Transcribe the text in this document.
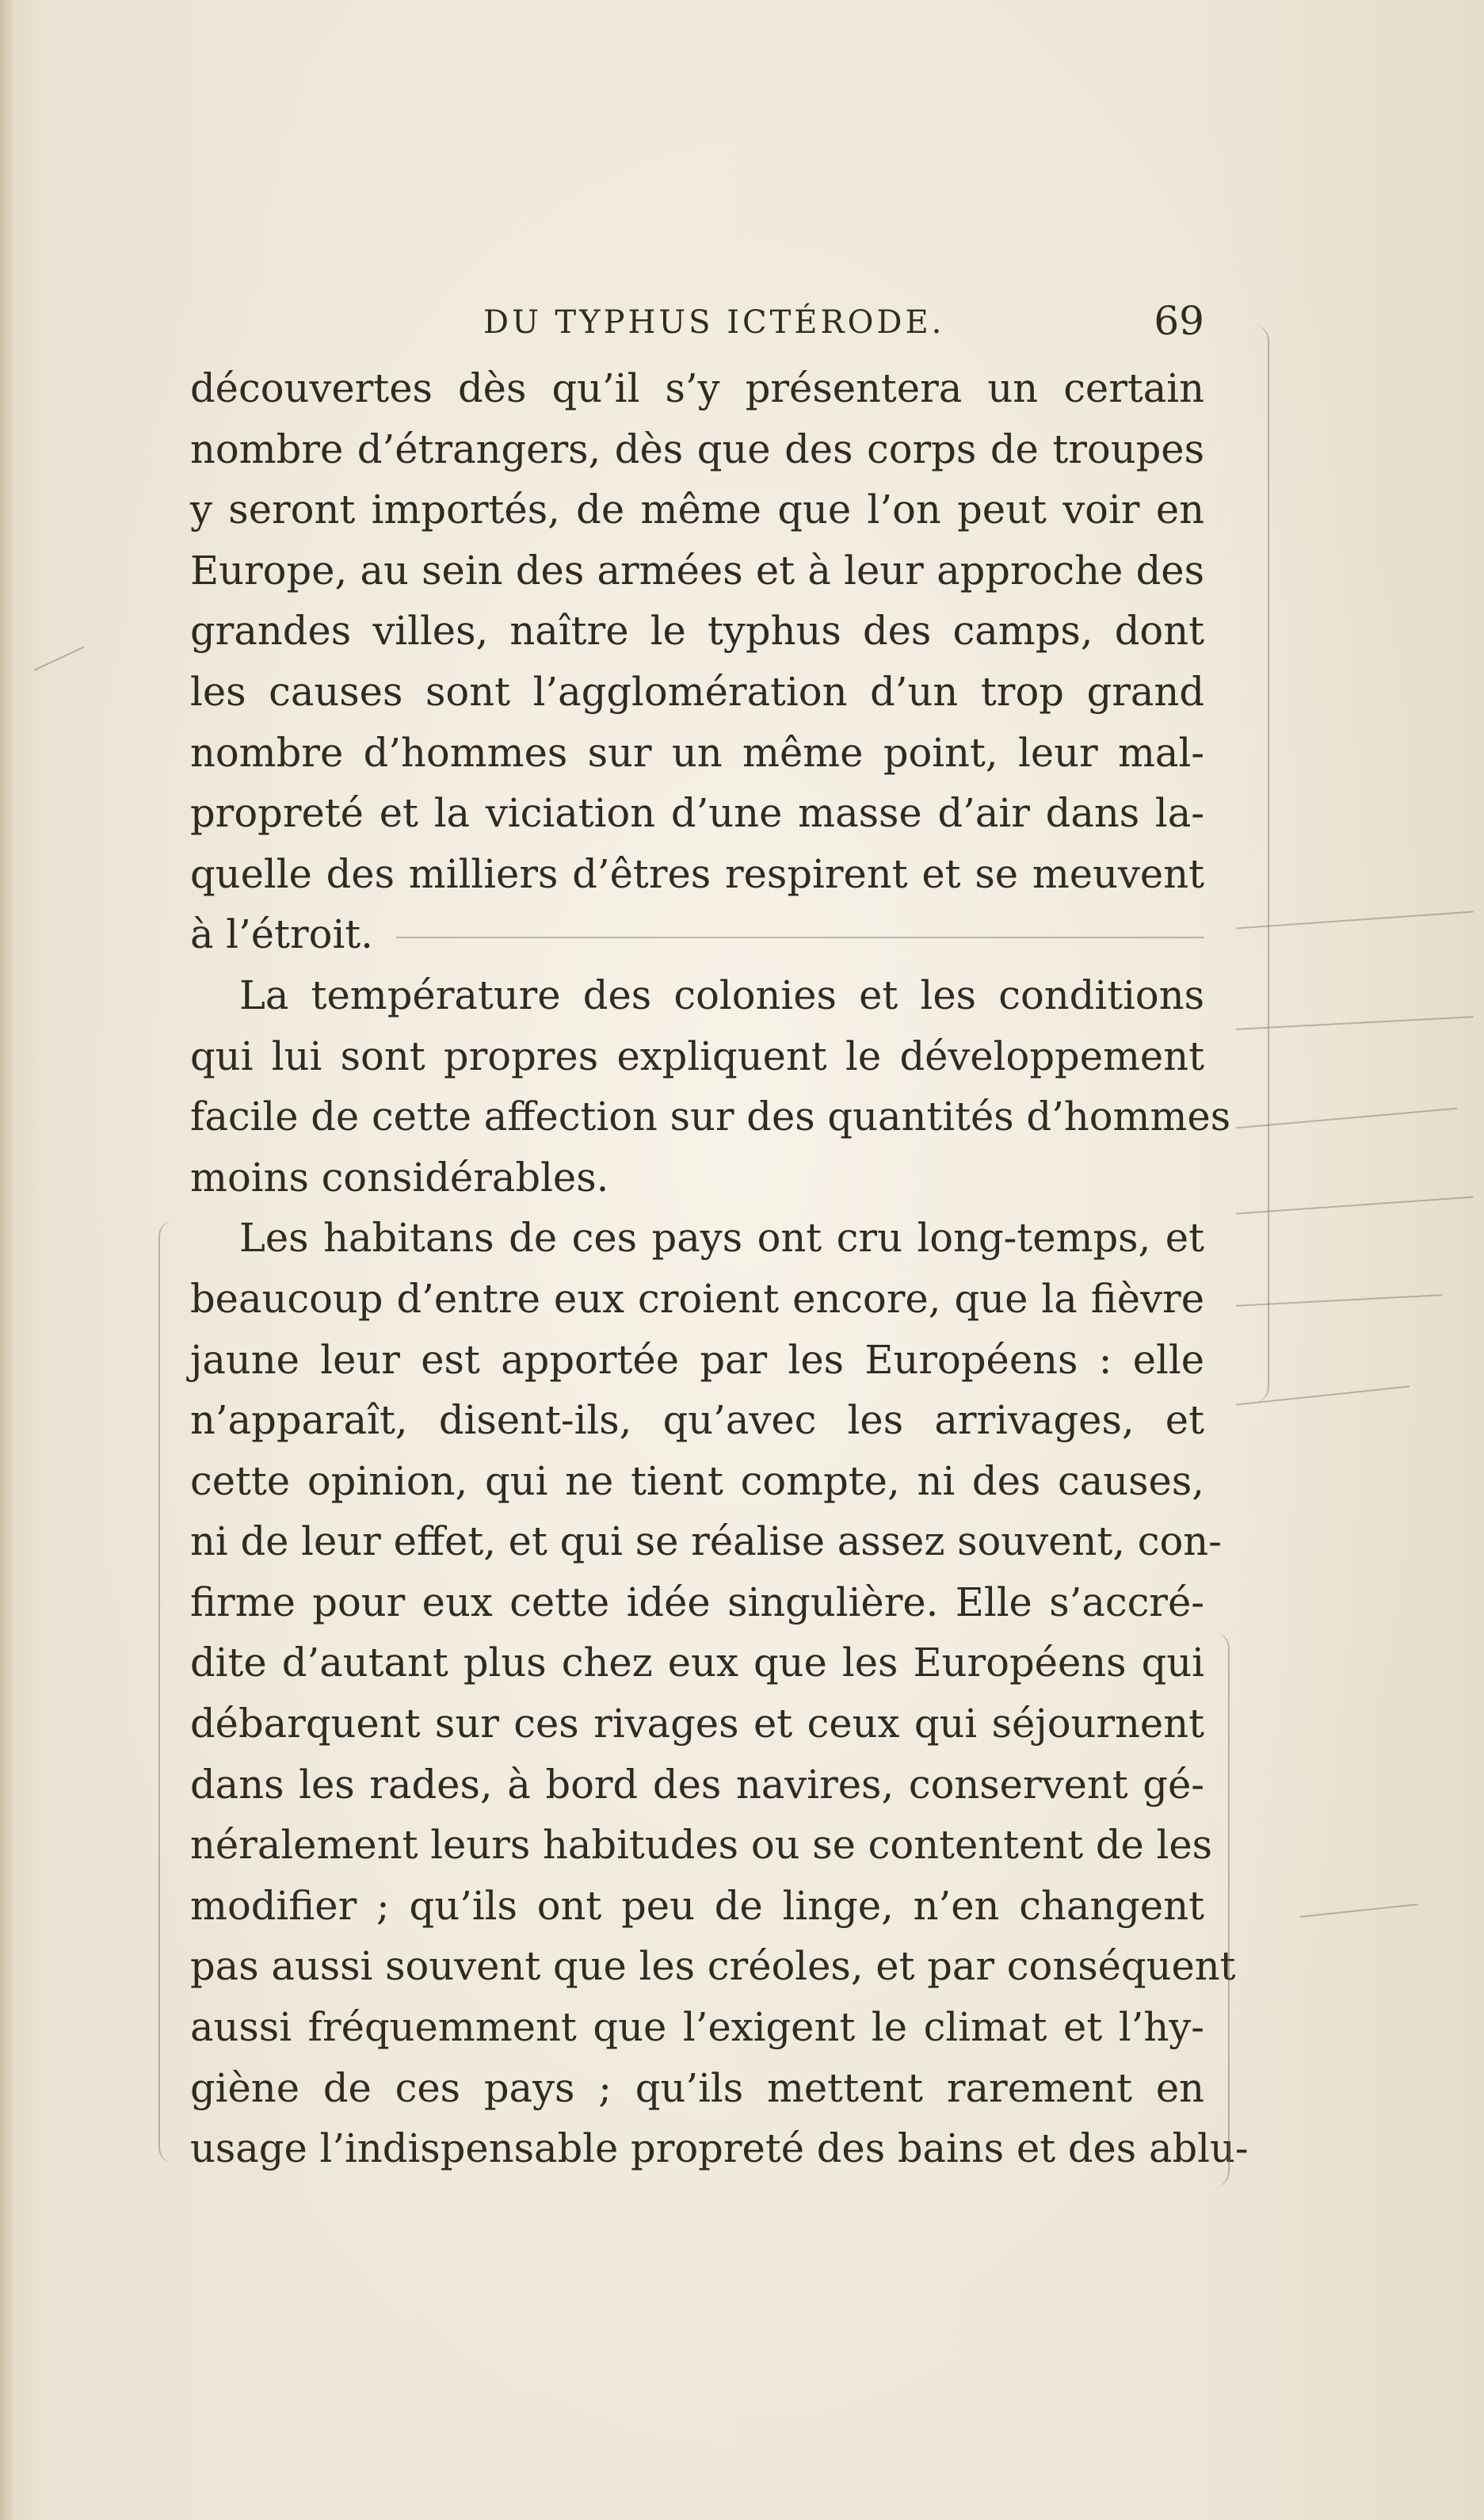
DU TYPHUS ICTÉRODE.	69
découvertes dès qu’il s’y présentera un certain
nombre d’étrangers, dès que des corps de troupes
y seront importés, de même que l’on peut voir en
Europe, au sein des armées et à leur approche des
grandes villes, naître le typhus des camps, dont
les causes sont l’agglomération d’un trop grand
nombre d’hommes sur un même point, leur mal-
propreté et la viciation d’une masse d’air dans la-
quelle des milliers d’êtres respirent et se meuvent
à l’étroit.
La température des colonies et les conditions
qui lui sont propres expliquent le développement
facile de cette affection sur des quantités d’hommes
moins considérables.
Les habitans de ces pays ont cru long-temps, et
beaucoup d’entre eux croient encore, que la fièvre
jaune leur est apportée par les Européens : elle
n’apparaît, disent-ils, qu’avec les arrivages, et
cette opinion, qui ne tient compte, ni des causes,
ni de leur effet, et qui se réalise assez souvent, con-
firme pour eux cette idée singulière. Elle s’accré-
dite d’autant plus chez eux que les Européens qui
débarquent sur ces rivages et ceux qui séjournent
dans les rades, à bord des navires, conservent gé-
néralement leurs habitudes ou se contentent de les
modifier ; qu’ils ont peu de linge, n’en changent
pas aussi souvent que les créoles, et par conséquent
aussi fréquemment que l’exigent le climat et l’hy-
giène de ces pays ; qu’ils mettent rarement en
usage l’indispensable propreté des bains et des ablu-
